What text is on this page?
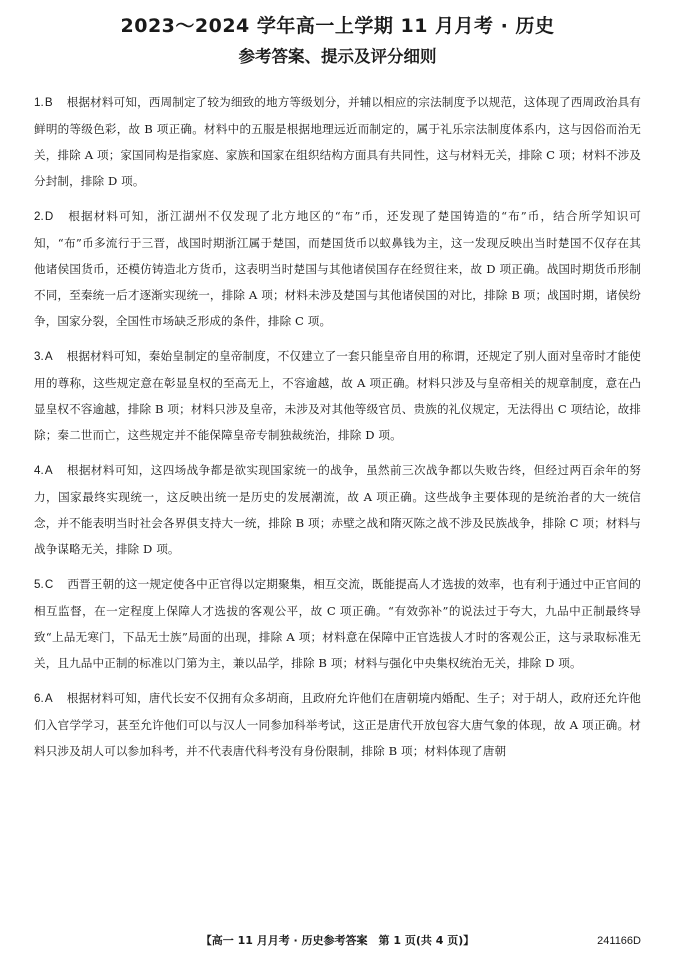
2023～2024 学年高一上学期 11 月月考 · 历史
参考答案、提示及评分细则

1.B 根据材料可知，西周制定了较为细致的地方等级划分，并辅以相应的宗法制度予以规范，这体现了西周政治具有鲜明的等级色彩，故 B 项正确。材料中的五服是根据地理远近而制定的，属于礼乐宗法制度体系内，这与因俗而治无关，排除 A 项；家国同构是指家庭、家族和国家在组织结构方面具有共同性，这与材料无关，排除 C 项；材料不涉及分封制，排除 D 项。

2.D 根据材料可知，浙江湖州不仅发现了北方地区的“布”币，还发现了楚国铸造的“布”币，结合所学知识可知，“布”币多流行于三晋，战国时期浙江属于楚国，而楚国货币以蚁鼻钱为主，这一发现反映出当时楚国不仅存在其他诸侯国货币，还模仿铸造北方货币，这表明当时楚国与其他诸侯国存在经贸往来，故 D 项正确。战国时期货币形制不同，至秦统一后才逐渐实现统一，排除 A 项；材料未涉及楚国与其他诸侯国的对比，排除 B 项；战国时期，诸侯纷争，国家分裂，全国性市场缺乏形成的条件，排除 C 项。

3.A 根据材料可知，秦始皇制定的皇帝制度，不仅建立了一套只能皇帝自用的称谓，还规定了别人面对皇帝时才能使用的尊称，这些规定意在彰显皇权的至高无上，不容逾越，故 A 项正确。材料只涉及与皇帝相关的规章制度，意在凸显皇权不容逾越，排除 B 项；材料只涉及皇帝，未涉及对其他等级官员、贵族的礼仪规定，无法得出 C 项结论，故排除；秦二世而亡，这些规定并不能保障皇帝专制独裁统治，排除 D 项。

4.A 根据材料可知，这四场战争都是欲实现国家统一的战争，虽然前三次战争都以失败告终，但经过两百余年的努力，国家最终实现统一，这反映出统一是历史的发展潮流，故 A 项正确。这些战争主要体现的是统治者的大一统信念，并不能表明当时社会各界俱支持大一统，排除 B 项；赤壁之战和隋灭陈之战不涉及民族战争，排除 C 项；材料与战争谋略无关，排除 D 项。

5.C 西晋王朝的这一规定使各中正官得以定期聚集，相互交流，既能提高人才选拔的效率，也有利于通过中正官间的相互监督，在一定程度上保障人才选拔的客观公平，故 C 项正确。“有效弥补”的说法过于夸大，九品中正制最终导致“上品无寒门，下品无士族”局面的出现，排除 A 项；材料意在保障中正官选拔人才时的客观公正，这与录取标准无关，且九品中正制的标准以门第为主，兼以品学，排除 B 项；材料与强化中央集权统治无关，排除 D 项。

6.A 根据材料可知，唐代长安不仅拥有众多胡商，且政府允许他们在唐朝境内婚配、生子；对于胡人，政府还允许他们入官学学习，甚至允许他们可以与汉人一同参加科举考试，这正是唐代开放包容大唐气象的体现，故 A 项正确。材料只涉及胡人可以参加科考，并不代表唐代科考没有身份限制，排除 B 项；材料体现了唐朝

【高一 11 月月考 · 历史参考答案　第 1 页(共 4 页)】	241166D
